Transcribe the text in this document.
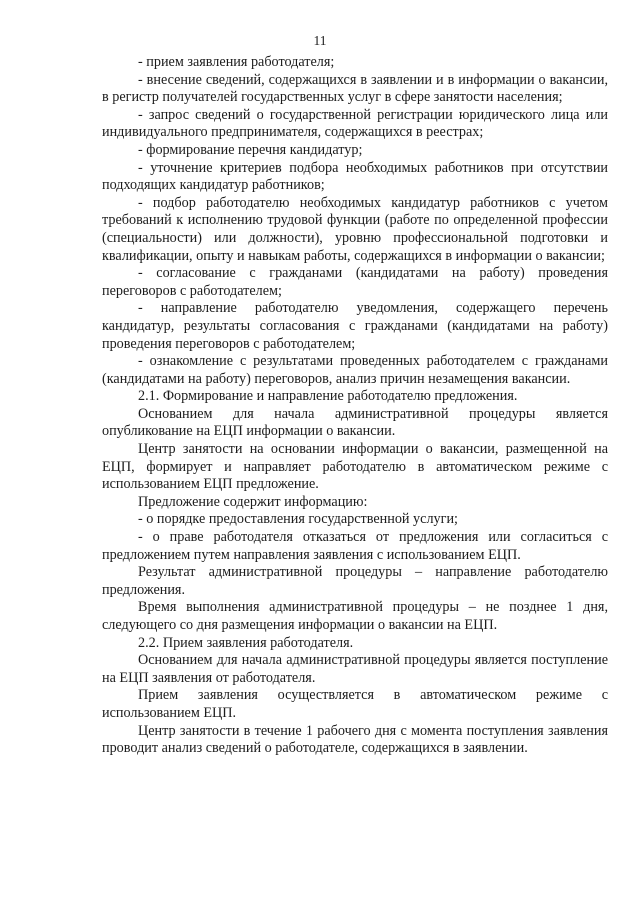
11

- прием заявления работодателя;

- внесение сведений, содержащихся в заявлении и в информации о вакансии, в регистр получателей государственных услуг в сфере занятости населения;

- запрос сведений о государственной регистрации юридического лица или индивидуального предпринимателя, содержащихся в реестрах;

- формирование перечня кандидатур;

- уточнение критериев подбора необходимых работников при отсутствии подходящих кандидатур работников;

- подбор работодателю необходимых кандидатур работников с учетом требований к исполнению трудовой функции (работе по определенной профессии (специальности) или должности), уровню профессиональной подготовки и квалификации, опыту и навыкам работы, содержащихся в информации о вакансии;

- согласование с гражданами (кандидатами на работу) проведения переговоров с работодателем;

- направление работодателю уведомления, содержащего перечень кандидатур, результаты согласования с гражданами (кандидатами на работу) проведения переговоров с работодателем;

- ознакомление с результатами проведенных работодателем с гражданами (кандидатами на работу) переговоров, анализ причин незамещения вакансии.

2.1. Формирование и направление работодателю предложения.

Основанием для начала административной процедуры является опубликование на ЕЦП информации о вакансии.

Центр занятости на основании информации о вакансии, размещенной на ЕЦП, формирует и направляет работодателю в автоматическом режиме с использованием ЕЦП предложение.

Предложение содержит информацию:

- о порядке предоставления государственной услуги;

- о праве работодателя отказаться от предложения или согласиться с предложением путем направления заявления с использованием ЕЦП.

Результат административной процедуры – направление работодателю предложения.

Время выполнения административной процедуры – не позднее 1 дня, следующего со дня размещения информации о вакансии на ЕЦП.

2.2. Прием заявления работодателя.

Основанием для начала административной процедуры является поступление на ЕЦП заявления от работодателя.

Прием заявления осуществляется в автоматическом режиме с использованием ЕЦП.

Центр занятости в течение 1 рабочего дня с момента поступления заявления проводит анализ сведений о работодателе, содержащихся в заявлении.
